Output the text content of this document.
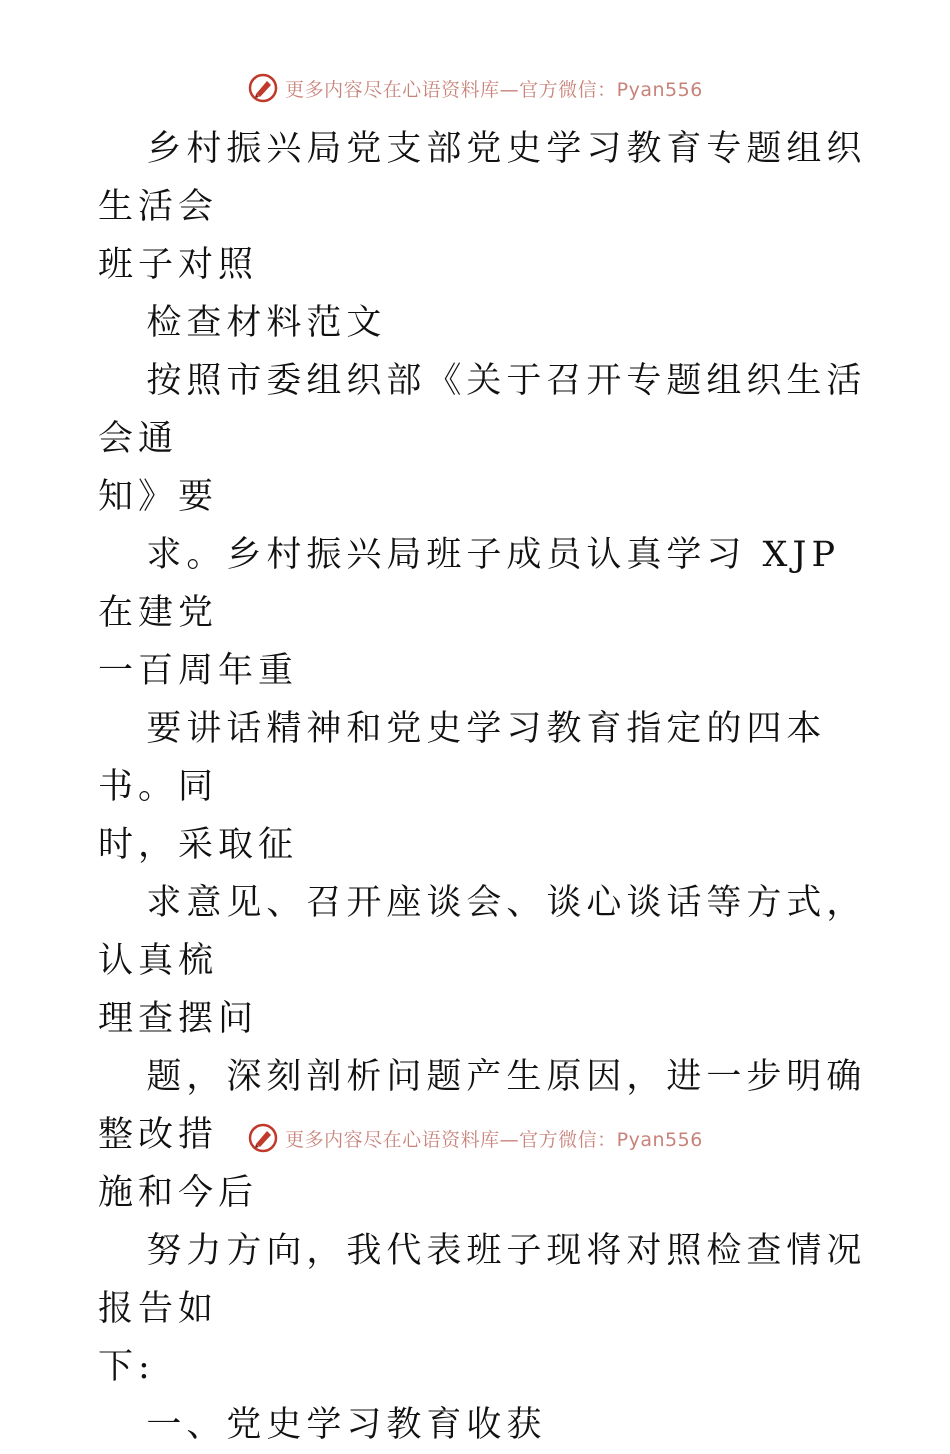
更多内容尽在心语资料库—官方微信：Pyan556

乡村振兴局党支部党史学习教育专题组织生活会

班子对照

检查材料范文

按照市委组织部《关于召开专题组织生活会通

知》要

求。乡村振兴局班子成员认真学习 XJP 在建党

一百周年重

要讲话精神和党史学习教育指定的四本书。同

时，采取征

求意见、召开座谈会、谈心谈话等方式，认真梳

理查摆问

题，深刻剖析问题产生原因，进一步明确整改措

施和今后

努力方向，我代表班子现将对照检查情况报告如

下:

一、党史学习教育收获

更多内容尽在心语资料库—官方微信：Pyan556
